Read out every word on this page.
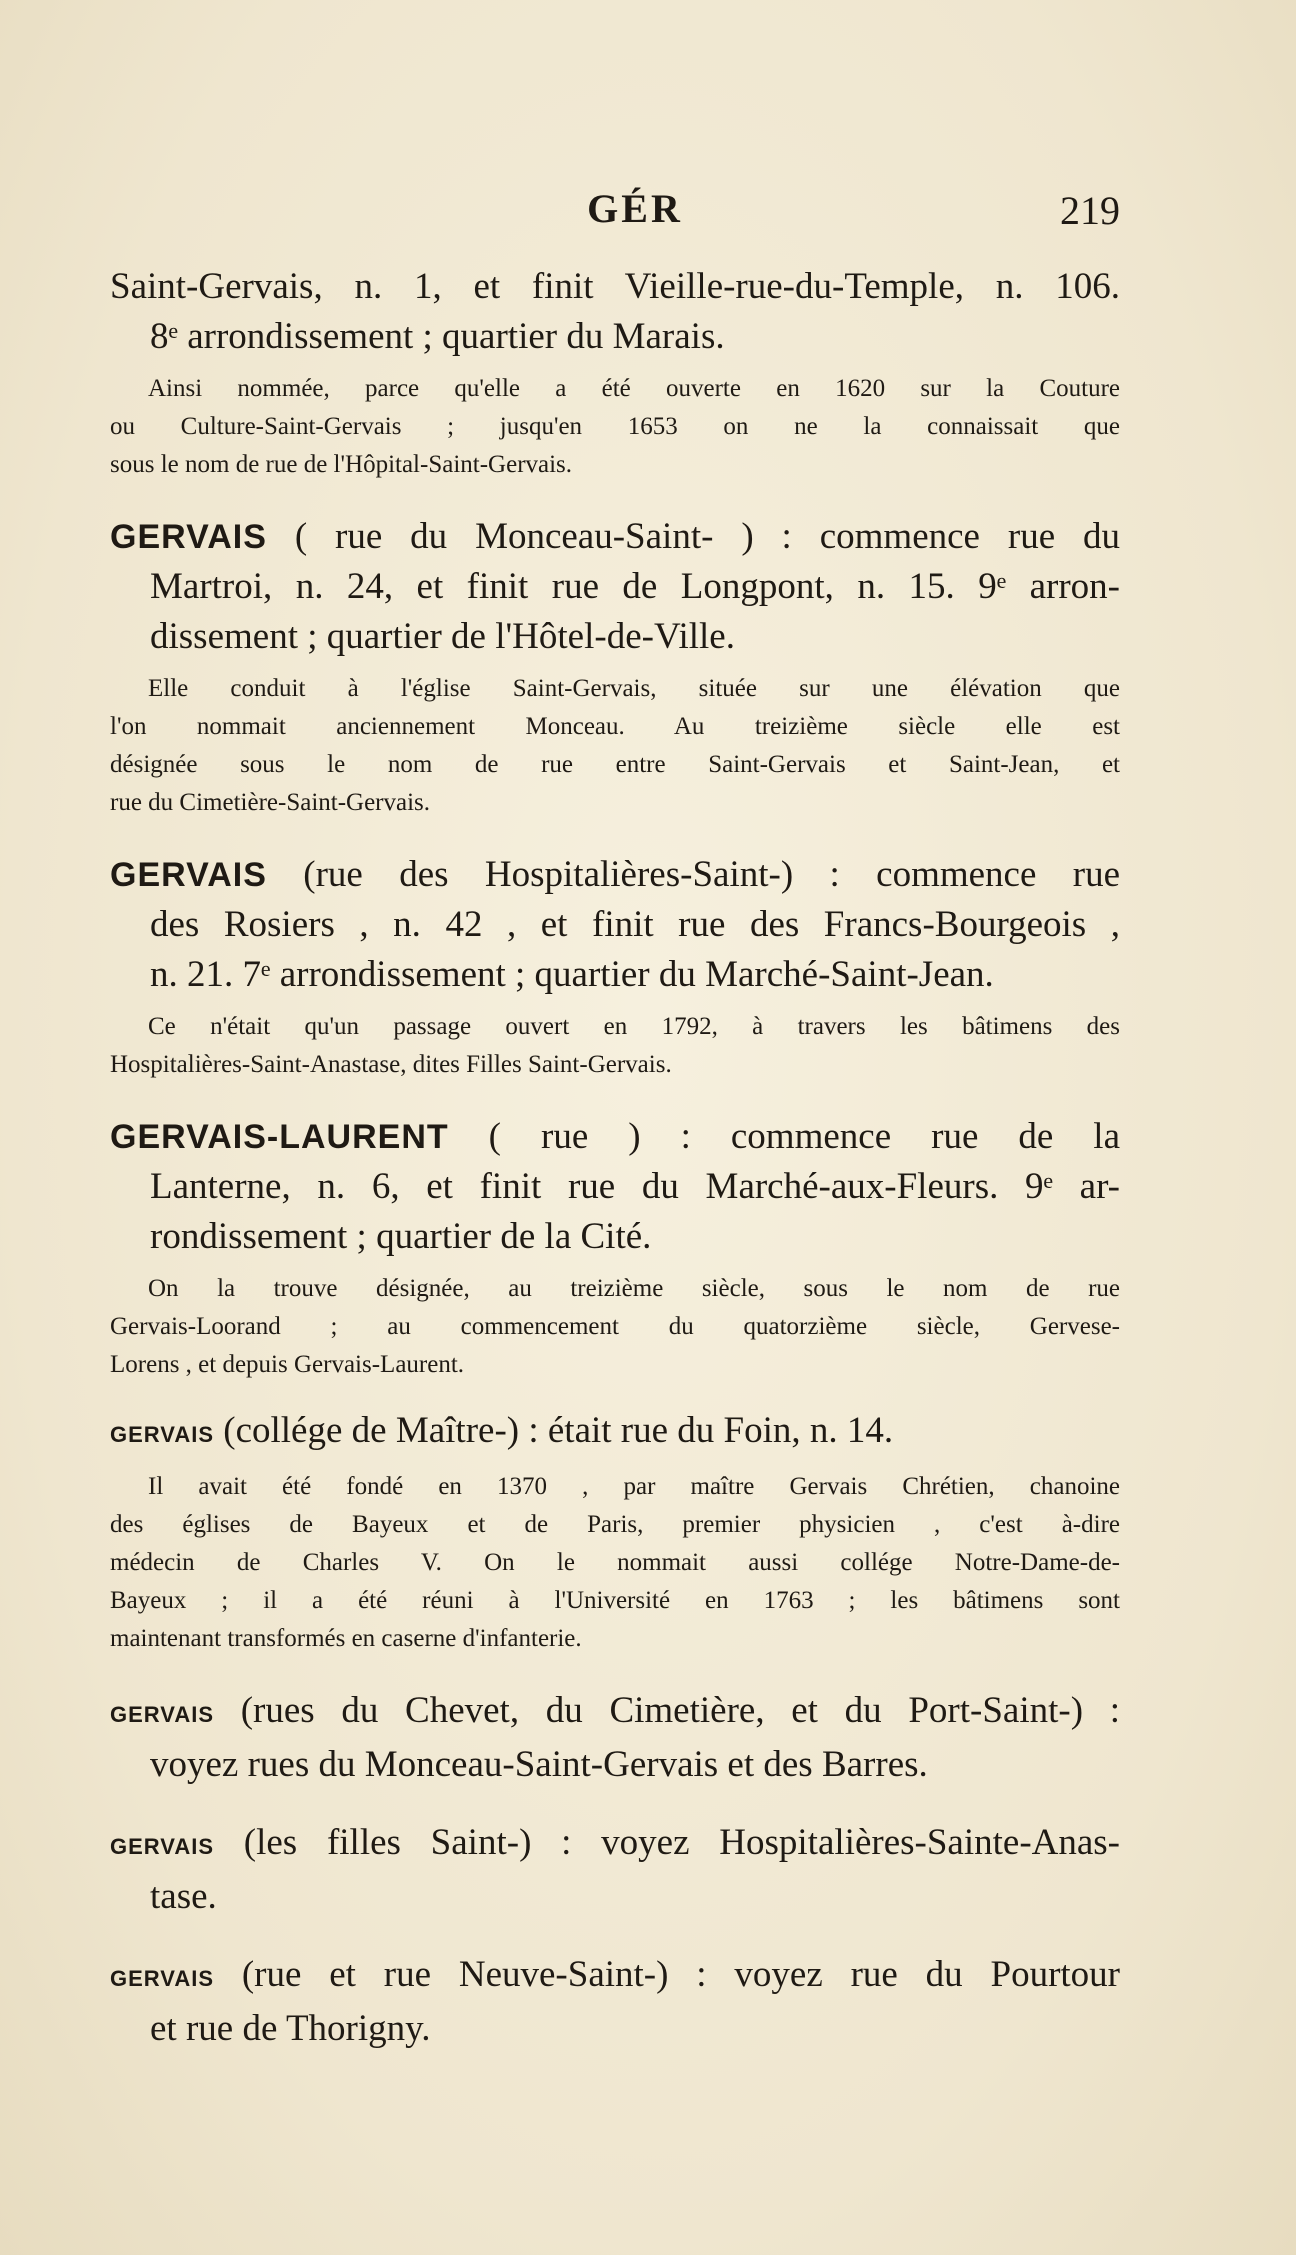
GÉR	219
Saint-Gervais, n. 1, et finit Vieille-rue-du-Temple, n. 106.
8ᵉ arrondissement ; quartier du Marais.
Ainsi nommée, parce qu'elle a été ouverte en 1620 sur la Couture
ou Culture-Saint-Gervais ; jusqu'en 1653 on ne la connaissait que
sous le nom de rue de l'Hôpital-Saint-Gervais.
GERVAIS ( rue du Monceau-Saint- ) : commence rue du
Martroi, n. 24, et finit rue de Longpont, n. 15. 9ᵉ arron-
dissement ; quartier de l'Hôtel-de-Ville.
Elle conduit à l'église Saint-Gervais, située sur une élévation que
l'on nommait anciennement Monceau. Au treizième siècle elle est
désignée sous le nom de rue entre Saint-Gervais et Saint-Jean, et
rue du Cimetière-Saint-Gervais.
GERVAIS (rue des Hospitalières-Saint-) : commence rue
des Rosiers , n. 42 , et finit rue des Francs-Bourgeois ,
n. 21. 7ᵉ arrondissement ; quartier du Marché-Saint-Jean.
Ce n'était qu'un passage ouvert en 1792, à travers les bâtimens des
Hospitalières-Saint-Anastase, dites Filles Saint-Gervais.
GERVAIS-LAURENT ( rue ) : commence rue de la
Lanterne, n. 6, et finit rue du Marché-aux-Fleurs. 9ᵉ ar-
rondissement ; quartier de la Cité.
On la trouve désignée, au treizième siècle, sous le nom de rue
Gervais-Loorand ; au commencement du quatorzième siècle, Gervese-
Lorens , et depuis Gervais-Laurent.
GERVAIS (collége de Maître-) : était rue du Foin, n. 14.
Il avait été fondé en 1370 , par maître Gervais Chrétien, chanoine
des églises de Bayeux et de Paris, premier physicien , c'est à-dire
médecin de Charles V. On le nommait aussi collége Notre-Dame-de-
Bayeux ; il a été réuni à l'Université en 1763 ; les bâtimens sont
maintenant transformés en caserne d'infanterie.
GERVAIS (rues du Chevet, du Cimetière, et du Port-Saint-) :
voyez rues du Monceau-Saint-Gervais et des Barres.
GERVAIS (les filles Saint-) : voyez Hospitalières-Sainte-Anas-
tase.
GERVAIS (rue et rue Neuve-Saint-) : voyez rue du Pourtour
et rue de Thorigny.
